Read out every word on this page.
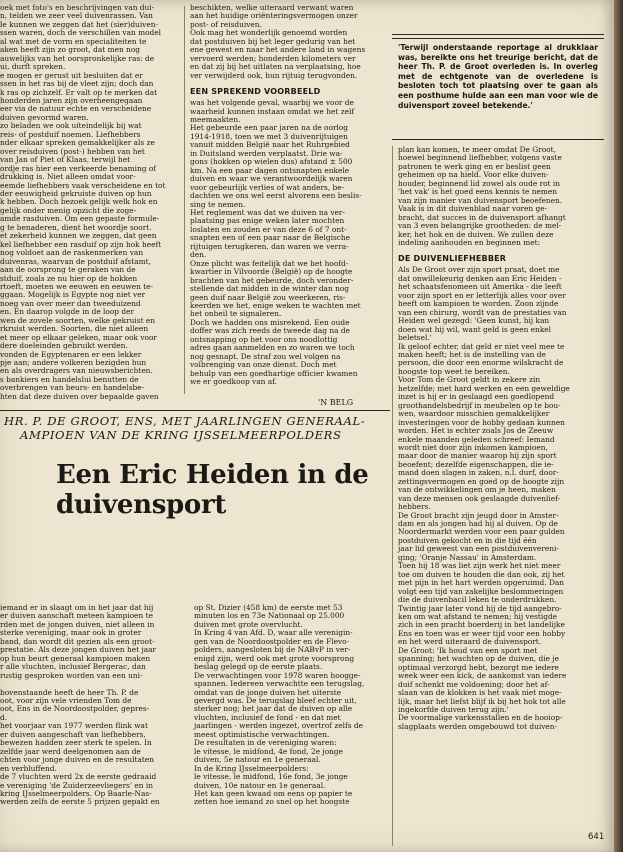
oek met foto's en beschrijvingen van dui-
n, telden we zeer veel duivenrassen. Van
le kunnen we zeggen dat het (sier)duiven-
ssen waren, doch de verschillen van model
al wat met de vorm en specialiteiten te
aken heeft zijn zo groot, dat men nog
auwelijks van het oorspronkelijke ras: de
ui, durft spreken.
e mogen er gerust uit besluiten dat er
ssen in het ras bij de vleet zijn; doch dan
k ras op zichzelf. Er valt op te merken dat
honderden jaren zijn overheengegaan
eer via de natuur echte en verscheidene
duiven gevormd waren.
zo beladen we ook uiteindelijk bij wat
reis- of postduif noemen. Liefhebbers
nder elkaar spreken gemakkelijker als ze
over reisduiven (post-) hebben van het
van Jan of Piet of Klaas, terwijl het
ordje ras hier een verkeerde benaming of
drukking is. Niet alleen omdat voor-
eemde liefhebbers vaak verscheidene en tot
der eeuwigheid gekruiste duiven op hun
k hebben. Doch bezoek gelijk welk hok en
gelijk onder menig opzicht die zoge-
amde rasduiven. Om een gepaste formule-
g te benaderen, dient het woordje soort.
et zekerheid kunnen we zeggen, dat geen
kel liefhebber een rasduif op zijn hok heeft
nog voldoet aan de raskenmerken van
duivenras, waarvan de postduif afstamt,
aan de oorsprong te geraken van de
stduif, zoals ze nu hier op de hokken
rtoeft, moeten we eeuwen en eeuwen te-
ggaan. Mogelijk is Egypte nog niet ver
noeg van over meer dan tweeduizend
en. En daarop volgde in de loop der
wen de zovele soorten, welke gekruist en
rkruist werden. Soorten, die niet alleen
et meer op elkaar geleken, maar ook voor
dere doeleinden gebruikt werden.
vonden de Egyptenaren er een lekker
pje aan; andere volkeren bezigden hun
en als overdragers van nieuwsberichten.
s bankiers en handelslui benutten de
overbrengen van beurs- en handelsbe-
hten dat deze duiven over bepaalde gaven
beschikten, welke uiteraard verwant waren
aan het huidige oriënteringsvermogen onzer
post- of reisduiven.
Ook mag het wonderlijk genoemd worden
dat postduiven bij het leger gedurig van het
ene gewest en naar het andere land in wagens
vervoerd werden; honderden kilometers ver
en dat zij bij het uitlaten na verplaatsing, hoe
ver verwijderd ook, hun rijtuig terugvonden.
EEN SPREKEND VOORBEELD
was het volgende geval, waarbij we voor de
waarheid kunnen instaan omdat we het zelf
meemaakten.
Het gebeurde een paar jaren na de oorlog
1914-1918, toen we met 3 duivenrijtuigen
vanuit midden België naar het Ruhrgebied
in Duitsland werden verplaatst. Drie wa-
gons (hokken op wielen dus) afstand ± 500
km. Na een paar dagen ontsnapten enkele
duiven en waar we verantwoordelijk waren
voor gebeurlijk verlies of wat anders, be-
dachten we ons wel eerst alvorens een beslis-
sing te nemen.
Het reglement was dat we duiven na ver-
plaatsing pas enige weken later mochten
loslaten en zouden er van deze 6 of 7 ont-
snapten een of een paar naar de Belgische
rijtuigen terugkeren, dan waren we verra-
den.
Onze plicht was feitelijk dat we het hoofd-
kwartier in Vilvoorde (België) op de hoogte
brachten van het gebeurde, doch veronder-
stellende dat midden in de winter dan nog
geen duif naar België zou weerkeren, ris-
keerden we het, enige weken te wachten met
het onheil te signaleren.
Doch we hadden ons misrekend. Een oude
doffer was zich reeds de tweede dag na de
ontsnapping op het voor ons noodlottig
adres gaan aanmelden en zo waren we toch
nog gesnapt. De straf zou wel volgen na
volbrenging van onze dienst. Doch met
behulp van een goedhartige officier kwamen
we er goedkoop van af.
'N BELG
'Terwijl onderstaande reportage al drukklaar was, bereikte ons het treurige bericht, dat de heer Th. P. de Groot overleden is. In overleg met de echtgenote van de overledene is besloten toch tot plaatsing over te gaan als een posthume hulde aan een man voor wie de duivensport zoveel betekende.'
HR. P. DE GROOT, ENS, MET JAARLINGEN GENERAAL-
AMPIOEN VAN DE KRING IJSSELMEERPOLDERS
Een Eric Heiden in de
duivensport
plan kan komen, te meer omdat De Groot,
hoewel beginnend liefhebber, volgens vaste
patronen te werk ging en er beslist geen
geheimen op na hield. Voor elke duiven-
houder, beginnend lid zowel als oude rot in
'het vak' is het goed eens kennis te nemen
van zijn manier van duivensport beoefenen.
Vaak is in dit duivenblad naar voren ge-
bracht, dat succes in de duivensport afhangt
van 3 even belangrijke grootheden: de mel-
ker, het hok en de duiven. We zullen deze
indeling aanhouden en beginnen met:
DE DUIVENLIEFHEBBER
Als De Groot over zijn sport praat, doet me
dat onwillekeurig denken aan Eric Heiden -
het schaatsfenomeen uit Amerika - die leeft
voor zijn sport en er letterlijk alles voor over
heeft om kampioen te worden. Zoon zijnde
van een chirurg, wordt van de prestaties van
Heiden wel gezegd: 'Geen kunst, hij kan
doen wat hij wil, want geld is geen enkel
beletsel.'
Ik geloof echter, dat geld er niet veel mee te
maken heeft; het is de instelling van de
persoon, die door een enorme wilskracht de
hoogste top weet te bereiken.
Voor Tom de Groot geldt in zekere zin
hetzelfde; met hard werken en een geweldige
inzet is hij er in geslaagd een goedlopend
groothandelsbedrijf in meubelen op te bou-
wen, waardoor misschien gemakkelijker
investeringen voor de hobby gedaan kunnen
worden. Het is echter zoals Jos de Zeeuw
enkele maanden geleden schreef: Iemand
wordt niet door zijn inkomen kampioen,
maar door de manier waarop hij zijn sport
beoefent; dezelfde eigenschappen, die ie-
mand doen slagen in zaken, n.l. durf, door-
zettingsvermogen en goed op de hoogte zijn
van de ontwikkelingen om je heen, maken
van deze mensen ook geslaagde duivenlief-
hebbers.
De Groot bracht zijn jeugd door in Amster-
dam en als jongen had hij al duiven. Op de
Noordermarkt werden voor een paar gulden
postduiven gekocht en in die tijd één
jaar lid geweest van een postduivenvereni-
ging; 'Oranje Nassau' in Amsterdam.
Toen hij 18 was liet zijn werk het niet meer
toe om duiven te houden die dan ook, zij het
met pijn in het hart werden opgeruimd. Dan
volgt een tijd van zakelijke beslommeringen
die de duivenbacil leken te onderdrukken.
Twintig jaar later vond hij de tijd aangebro-
ken om wat afstand te nemen; hij vestigde
zich in een pracht boerderij in het landelijke
Ens en toen was er weer tijd voor een hobby
en het werd uiteraard de duivensport.
De Groot: 'Ik houd van een sport met
spanning; het wachten op de duiven, die je
optimaal verzorgd hebt, bezorgt me iedere
week weer een kick, de aankomst van iedere
duif schenkt me voldoening; door het af-
slaan van de klokken is het vaak niet moge-
lijk, maar het liefst blijf ik bij het hok tot alle
ingekorfde duiven terug zijn.'
De voormalige varkensstallen en de hooiop-
slagplaats werden omgebouwd tot duiven-
iemand er in slaagt om in het jaar dat hij
er duiven aanschaft meteen kampioen te
rden met de jongen duiven, niet alleen in
sterke vereniging, maar ook in groter
band, dan wordt dit gezien als een groot-
prestatie. Als deze jongen duiven het jaar
op hun beurt generaal kampioen maken
r alle vluchten, inclusief Bergerac, dan
rustig gesproken worden van een uni-

bovenstaande heeft de heer Th. P. de
oot, voor zijn vele vrienden Tom de
oot, Ens in de Noordoostpolder, gepres-
d.
het voorjaar van 1977 werden flink wat
er duiven aangeschaft van liefhebbers,
bewezen hadden zeer sterk te spelen. In
zelfde jaar werd deelgenomen aan de
chten voor jonge duiven en de resultaten
en verbluffend.
de 7 vluchten werd 2x de eerste gedraaid
e vereniging 'de Zuiderzeevliegers' en in
kring IJsselmeerpolders. Op Baarle-Nas-
werden zelfs de eerste 5 prijzen gepakt en
op St. Dizier (458 km) de eerste met 53
minuten los en 73e Nationaal op 25.000
duiven met grote overvlucht.
In Kring 4 van Afd. D, waar alle verenigin-
gen van de Noordoostpolder en de Flevo-
polders, aangesloten bij de NABvP in ver-
enigd zijn, werd ook met grote voorsprong
beslag gelegd op de eerste plaats.
De verwachtingen voor 1978 waren hoogge-
spannen. Iedereen verwachtte een terugslag,
omdat van de jonge duiven het uiterste
gevergd was. De terugslag bleef echter uit,
sterker nog; het jaar dat de duiven op alle
vluchten, inclusief de fond - en dat met
jaarlingen - werden ingezet, overtrof zelfs de
meest optimistische verwachtingen.
De resultaten in de vereniging waren:
le vitesse, le midfond, 4e fond, 2e jonge
duiven, 5e natour en 1e generaal.
In de Kring IJsselmeerpolders:
le vitesse, le midfond, 16e fond, 3e jonge
duiven, 10e natour en 1e generaal.
Het kan geen kwaad om eens op papier te
zetten hoe iemand zo snel op het hoogste
641
